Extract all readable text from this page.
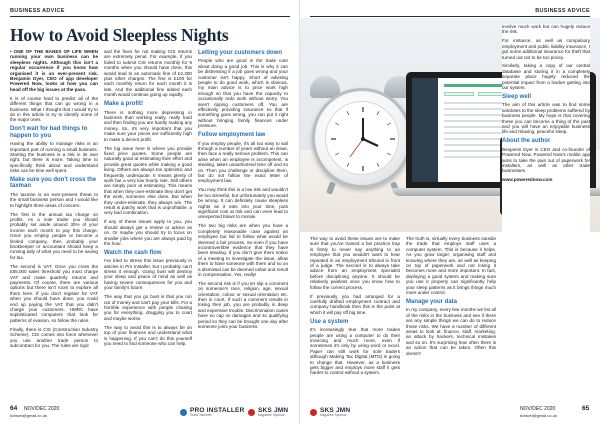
BUSINESS ADVICE
How to Avoid Sleepless Nights

• ONE OF THE BANES OF LIFE WHEN running your own business can be sleepless nights. Although this isn't a regular occurrence if you know how organised it is an ever-present risk. Benjamin Dyer, CEO of app developer Powered Now, looks at how you can head off the big issues at the pass.

It is of course hard to predict all of the different things that can go wrong in a business. What I thought that I would try to do in this article is try to identify some of the major ones.

Don't wait for bad things to happen to you

Having the ability to manage risks is an important part of running a small business. Starting the business is a risk in its own right, but there is more. Taking time to specifically think about and understand risks can be time well spent.

Make sure you don't cross the taxman

The taxman is an ever-present threat to the small business person and I would like to highlight three areas of concern.

The first is the annual tax charge on profits. As a sole trader you should probably set aside around 30% of your income each month to pay this charge. Once you employ people or become a limited company, then probably your bookkeeper or accountant should keep a running tally of what you need to be saving for tax.

The second is VAT. Once you cross the £85,000 sales threshold you must charge VAT and make quarterly returns and payments. Of course, there are various options but there isn't room to explore all them here. If you don't register for VAT when you should have done, you could end up paying the VAT that you didn't charge your customers. HMRC have sophisticated computers that look for patterns of evasion, so follow the rules.

Finally, there is CIS (Construction Industry Scheme). CIS comes into force whenever you use another trade person to subcontract for you. The rules are rigid

and the fines for not making CIS returns are extremely penal. For example, if you failed to submit CIS returns monthly for 6 months when you should have done, this would lead to an automatic fine of £2,300 plus other charges. The fine is £100 for each monthly return for each month it is late. And the additional fine added each month would continue going up rapidly.

Make a profit!

There is nothing more depressing in business than working really, really hard and then finding you are hardly making any money. So, it's very important that you make sure your prices are sufficiently high to make a decent profit.

The big issue here is where you provide fixed price quotes. Some people are naturally good at estimating their effort and provide great quotes while making a good living. Others are always too optimistic and frequently underquote. It means plenty of work but a very low hourly rate. Still others are simply poor at estimating. This means that when they over-estimate they don't get the work, someone else does. But when they under-estimate, they always win. The result is patchy work that is unprofitable, a very bad combination.

If any of these issues apply to you, you should always get a review or advice as on. Or maybe you should try to focus on smaller jobs where you are always paid by the hour.

Watch the cash flow

I've tried to stress this issue previously in articles in Pro Installer, but I probably can't stress it enough. Going bust will destroy your sleep and peace of mind as well as having severe consequences for you and your family's future.

The way that you go bust is that you run out of money and can't pay your bills. For a horrible experience with people chasing you for everything, dragging you to court and maybe worse.

The way to avoid this is to always be on top of your finances and understand what is happening. If you can't do this yourself you need to find someone who can help.

Letting your customers down

People who are good in the trade care about doing a good job. This is why it can be distressing if a job goes wrong and your customer isn't happy. Short of advising people to do good work, which is obvious, my main advice is to price work high enough so that you have the capacity to occasionally redo work without worry. You aren't ripping customers off. You are effectively providing insurance so that if something goes wrong, you can put it right without bringing family finances under pressure.

Follow employment law

If you employ people, it's all too easy to sail through a number of years without an issue, then face a really serious problem. This can arise when an employee is incompetent, is stealing, takes unauthorised time off and so on. Then you challenge or discipline them, but do not follow the exact letter of employment law.

You may think this is a low risk and wouldn't be too stressful, but unfortunately you would be wrong. It can definitely cause sleepless nights as it eats into your time, puts significant cost at risk and can even lead to unexpected blows to morale.

The two big risks are when you have a completely reasonable case against an employee but fail to follow what would be deemed a fair process. So even if you have incontrovertible evidence that they have been stealing. If you don't give them notice of a meeting to investigate the issue, allow them to have someone with them and so on a dismissal can be deemed unfair and result in compensation. Yes, really!

The second risk is if you let slip a comment on someone's race, religion, age, sexual orientation, colour or sexual orientation etc. then in court. If such a comment results in losing their job, you are probably in deep and expensive trouble. Discrimination cases have no cap on damages and so qualifying period so they can be brought one day after someone joins your business.

64 NOV/DEC 2020
bobwei@gmail.co.uk
PRO INSTALLER
Glass Tabernet
SKS JMN
Magazine Sponsor
BUSINESS ADVICE

The way to avoid these issues are to make sure that you've trained a fair practice trap is firstly to never say anything to an employee that you wouldn't want to hear repeated in an employment tribunal in front of a judge. The second is to always take advice from an employment specialist before disciplining anyone. It should be relatively painless once you know how to follow the correct process.

If previously you had arranged for a carefully drafted employment contract and company handbook then this is the point at which it will pay off big time.

Use a system

It's increasingly true that more trades people are using a computer to do their invoicing and much more, even if sometimes it's only by using word or excel. Paper can still work for sole traders although Making Tax Digital (MTD) is going to change that. However, as a business gets bigger and employs more staff it gets harder to control without a system.

The truth is, virtually every business outside the trade that employs staff uses a computer system. This is because it helps. As you grow larger, organising staff and knowing where they are, as well as keeping on top of paperwork and not losing it becomes more and more important. In fact, deploying a good system and making sure you use it properly can significantly help your sleep patterns as it brings things much more under control.

Manage your data

In my company, every few months we list all of the risks in the business and see if there are any simple things we can do to reduce those risks. We have a number of different areas to look at: finance, staff, marketing, an attack by hackers, technical mistakes and so on. It's surprising how often there is an action that can be taken. Often this doesn't

involve much work but can hugely reduce the risk.

For instance, as well as compulsory employment and public liability insurance, I got some additional insurance for theft that turned out not to be too pricey.

Similarly, taking a copy of our central database and storing it in a completely separate place hugely reduced the potential impact from a hacker getting into our system.

Sleep well

The aim of this article was to find some antidotes to the sleep problems suffered by business people. My hope is that covering these you can become a thing of the past and you will have an enjoyable business life and relaxing, peaceful sleep.

About the author

Benjamin Dyer is CEO and co-founder of Powered Now. Powered Now's mobile app aims to take the pain out of paperwork for installers, as well as other trade businesses.

www.powerednow.com

SKS JMN
Magazine Sponsor
NOV/DEC 2020	65
bobwei@gmail.co.uk
